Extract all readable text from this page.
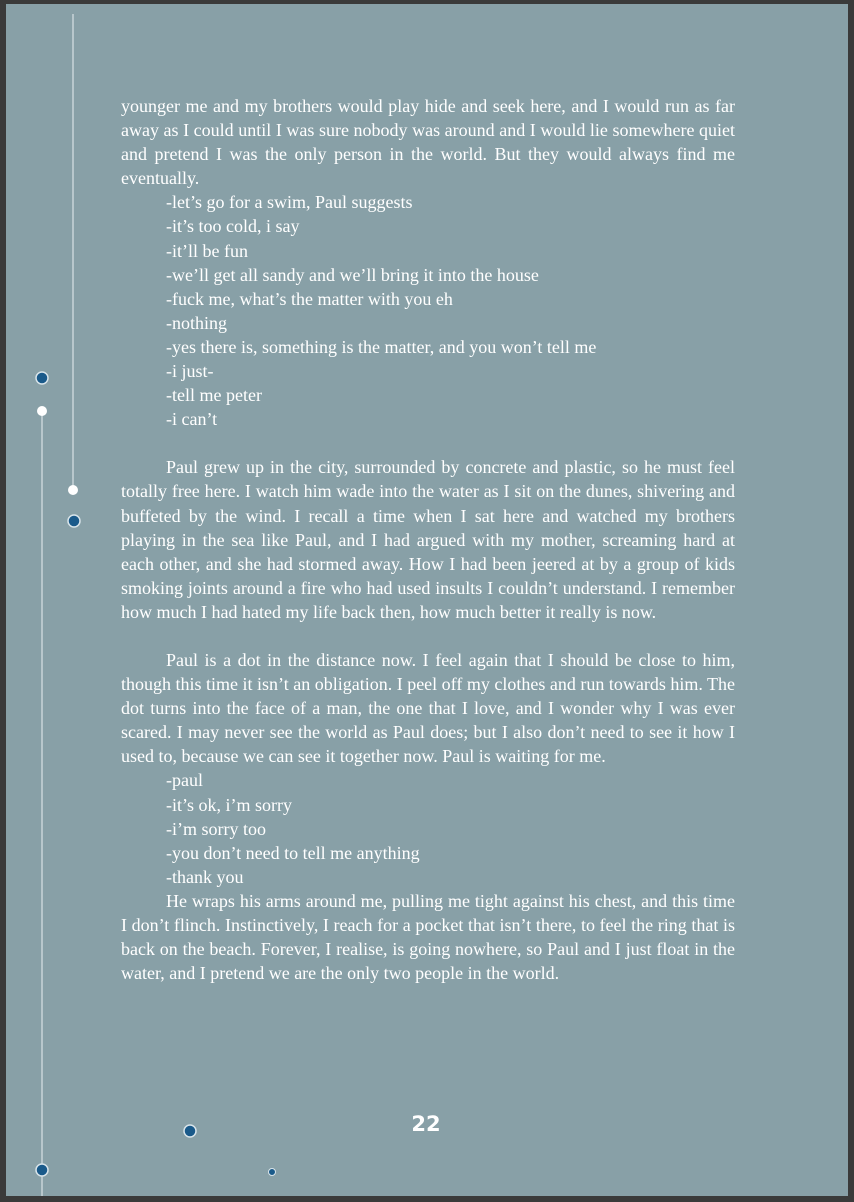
younger me and my brothers would play hide and seek here, and I would run as far away as I could until I was sure nobody was around and I would lie somewhere quiet and pretend I was the only person in the world. But they would always find me eventually.

-let’s go for a swim, Paul suggests

-it’s too cold, i say

-it’ll be fun

-we’ll get all sandy and we’ll bring it into the house

-fuck me, what’s the matter with you eh

-nothing

-yes there is, something is the matter, and you won’t tell me

-i just-

-tell me peter

-i can’t

Paul grew up in the city, surrounded by concrete and plastic, so he must feel totally free here. I watch him wade into the water as I sit on the dunes, shivering and buffeted by the wind. I recall a time when I sat here and watched my brothers playing in the sea like Paul, and I had argued with my mother, screaming hard at each other, and she had stormed away. How I had been jeered at by a group of kids smoking joints around a fire who had used insults I couldn’t understand. I remember how much I had hated my life back then, how much better it really is now.

Paul is a dot in the distance now. I feel again that I should be close to him, though this time it isn’t an obligation. I peel off my clothes and run towards him. The dot turns into the face of a man, the one that I love, and I wonder why I was ever scared. I may never see the world as Paul does; but I also don’t need to see it how I used to, because we can see it together now. Paul is waiting for me.

-paul

-it’s ok, i’m sorry

-i’m sorry too

-you don’t need to tell me anything

-thank you

He wraps his arms around me, pulling me tight against his chest, and this time I don’t flinch. Instinctively, I reach for a pocket that isn’t there, to feel the ring that is back on the beach. Forever, I realise, is going nowhere, so Paul and I just float in the water, and I pretend we are the only two people in the world.

22
